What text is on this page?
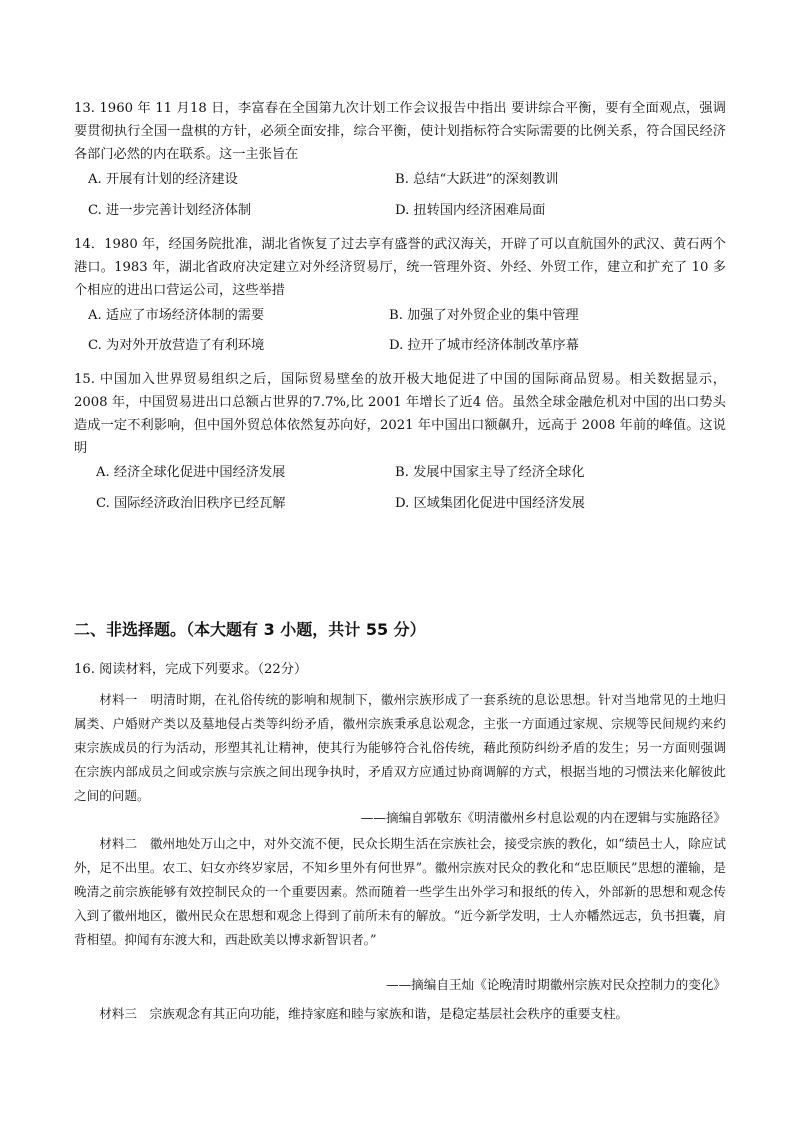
13. 1960 年 11 月18 日，李富春在全国第九次计划工作会议报告中指出 要讲综合平衡，要有全面观点，强调要贯彻执行全国一盘棋的方针，必须全面安排，综合平衡，使计划指标符合实际需要的比例关系，符合国民经济各部门必然的内在联系。这一主张旨在
A. 开展有计划的经济建设	B. 总结“大跃进”的深刻教训
C. 进一步完善计划经济体制	D. 扭转国内经济困难局面
14．1980 年，经国务院批准，湖北省恢复了过去享有盛誉的武汉海关，开辟了可以直航国外的武汉、黄石两个港口。1983 年，湖北省政府决定建立对外经济贸易厅，统一管理外资、外经、外贸工作，建立和扩充了 10 多个相应的进出口营运公司，这些举措
A. 适应了市场经济体制的需要	B. 加强了对外贸企业的集中管理
C. 为对外开放营造了有利环境	D. 拉开了城市经济体制改革序幕
15. 中国加入世界贸易组织之后，国际贸易壁垒的放开极大地促进了中国的国际商品贸易。相关数据显示，2008 年，中国贸易进出口总额占世界的7.7%,比 2001 年增长了近4 倍。虽然全球金融危机对中国的出口势头造成一定不利影响，但中国外贸总体依然复苏向好，2021 年中国出口额飙升，远高于 2008 年前的峰值。这说明
A. 经济全球化促进中国经济发展	B. 发展中国家主导了经济全球化
C. 国际经济政治旧秩序已经瓦解	D. 区域集团化促进中国经济发展
二、非选择题。（本大题有 3 小题，共计 55 分）
16. 阅读材料，完成下列要求。（22分）
材料一　明清时期，在礼俗传统的影响和规制下，徽州宗族形成了一套系统的息讼思想。针对当地常见的土地归属类、户婚财产类以及墓地侵占类等纠纷矛盾，徽州宗族秉承息讼观念，主张一方面通过家规、宗规等民间规约来约束宗族成员的行为活动，形塑其礼让精神，使其行为能够符合礼俗传统，藉此预防纠纷矛盾的发生；另一方面则强调在宗族内部成员之间或宗族与宗族之间出现争执时，矛盾双方应通过协商调解的方式，根据当地的习惯法来化解彼此之间的问题。
——摘编自郭敬东《明清徽州乡村息讼观的内在逻辑与实施路径》
材料二　徽州地处万山之中，对外交流不便，民众长期生活在宗族社会，接受宗族的教化，如“绩邑士人，除应试外，足不出里。农工、妇女亦终岁家居，不知乡里外有何世界”。徽州宗族对民众的教化和“忠臣顺民”思想的灌输，是晚清之前宗族能够有效控制民众的一个重要因素。然而随着一些学生出外学习和报纸的传入，外部新的思想和观念传入到了徽州地区，徽州民众在思想和观念上得到了前所未有的解放。“近今新学发明，士人亦幡然远志，负书担囊，肩背相望。抑闻有东渡大和，西赴欧美以博求新智识者。”
——摘编自王灿《论晚清时期徽州宗族对民众控制力的变化》
材料三　宗族观念有其正向功能，维持家庭和睦与家族和谐，是稳定基层社会秩序的重要支柱。
